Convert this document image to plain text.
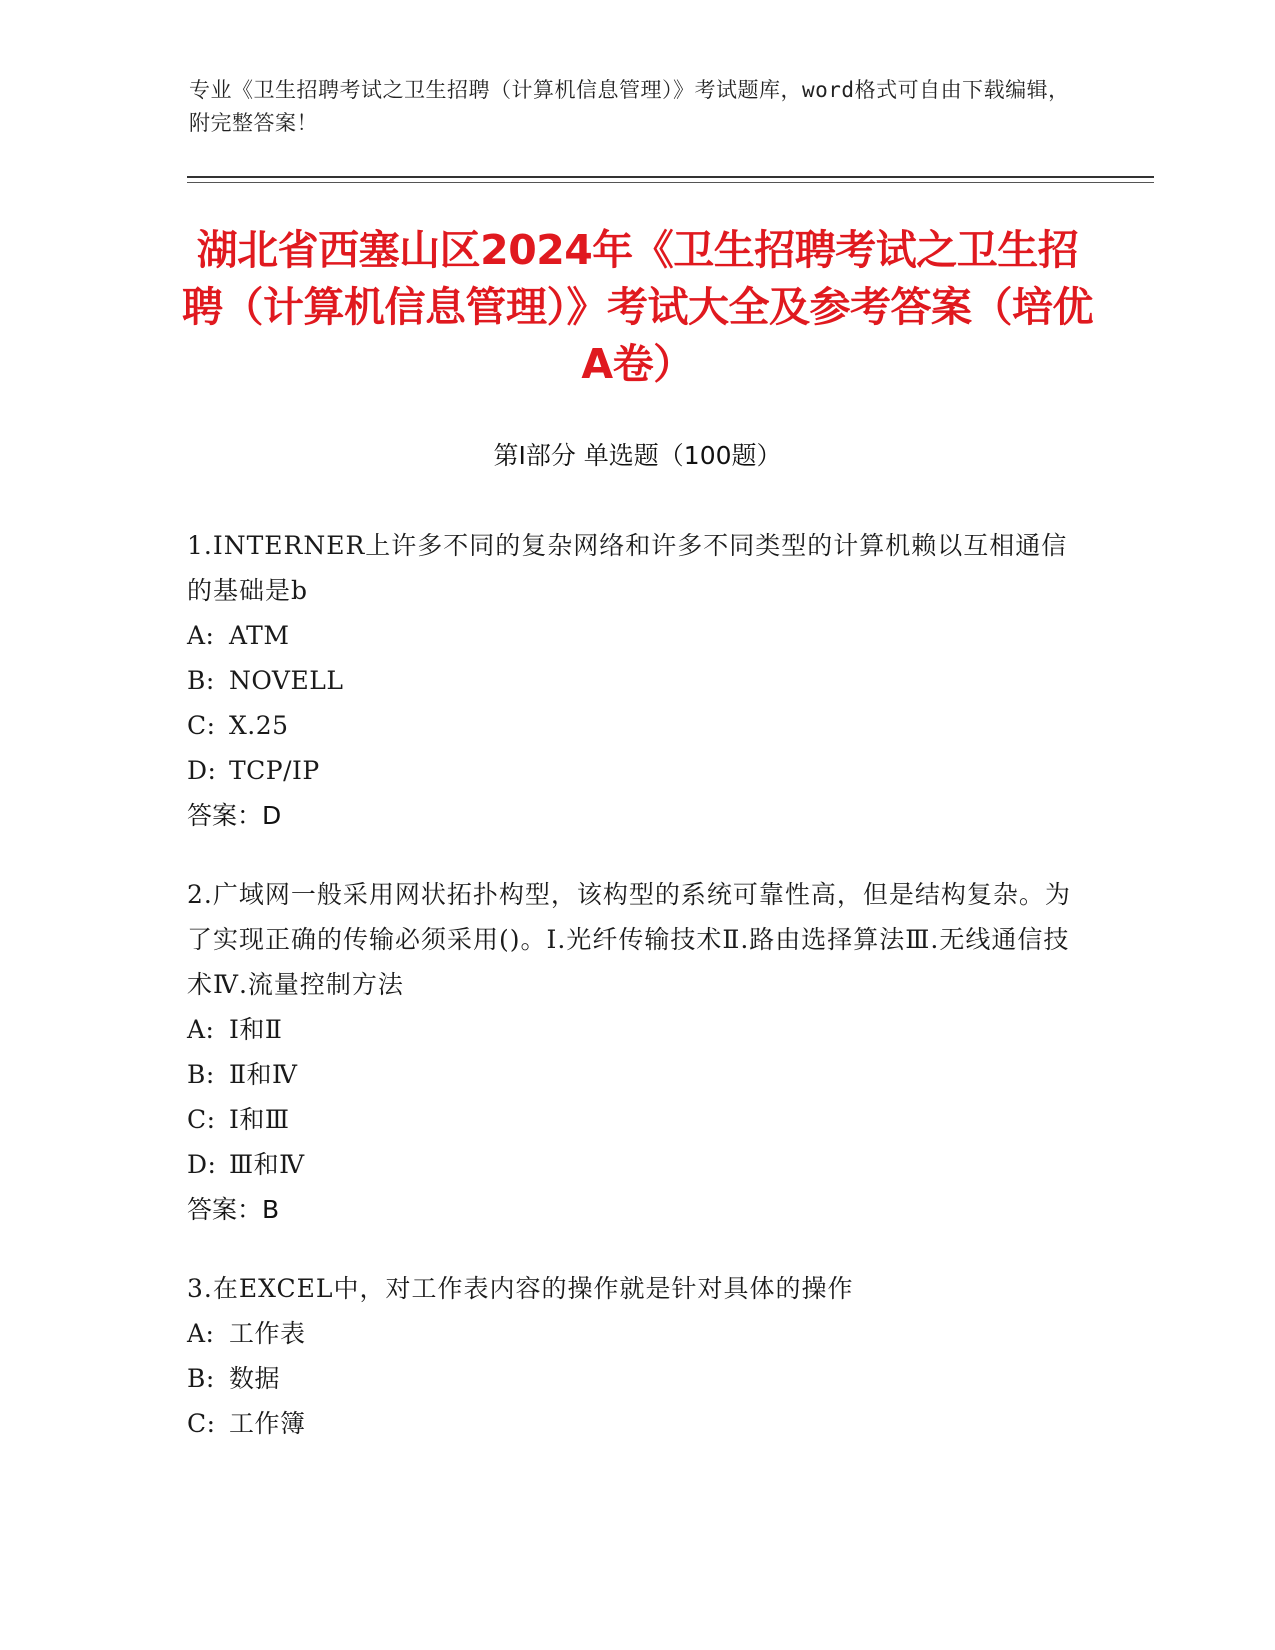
专业《卫生招聘考试之卫生招聘（计算机信息管理）》考试题库，word格式可自由下载编辑，附完整答案！
湖北省西塞山区2024年《卫生招聘考试之卫生招聘（计算机信息管理）》考试大全及参考答案（培优A卷）
第I部分 单选题（100题）
1.INTERNER上许多不同的复杂网络和许多不同类型的计算机赖以互相通信的基础是b
A: ATM
B: NOVELL
C: X.25
D: TCP/IP
答案：D
2.广域网一般采用网状拓扑构型，该构型的系统可靠性高，但是结构复杂。为了实现正确的传输必须采用()。Ⅰ.光纤传输技术Ⅱ.路由选择算法Ⅲ.无线通信技术Ⅳ.流量控制方法
A: Ⅰ和Ⅱ
B: Ⅱ和Ⅳ
C: Ⅰ和Ⅲ
D: Ⅲ和Ⅳ
答案：B
3.在EXCEL中，对工作表内容的操作就是针对具体的操作
A: 工作表
B: 数据
C: 工作簿
